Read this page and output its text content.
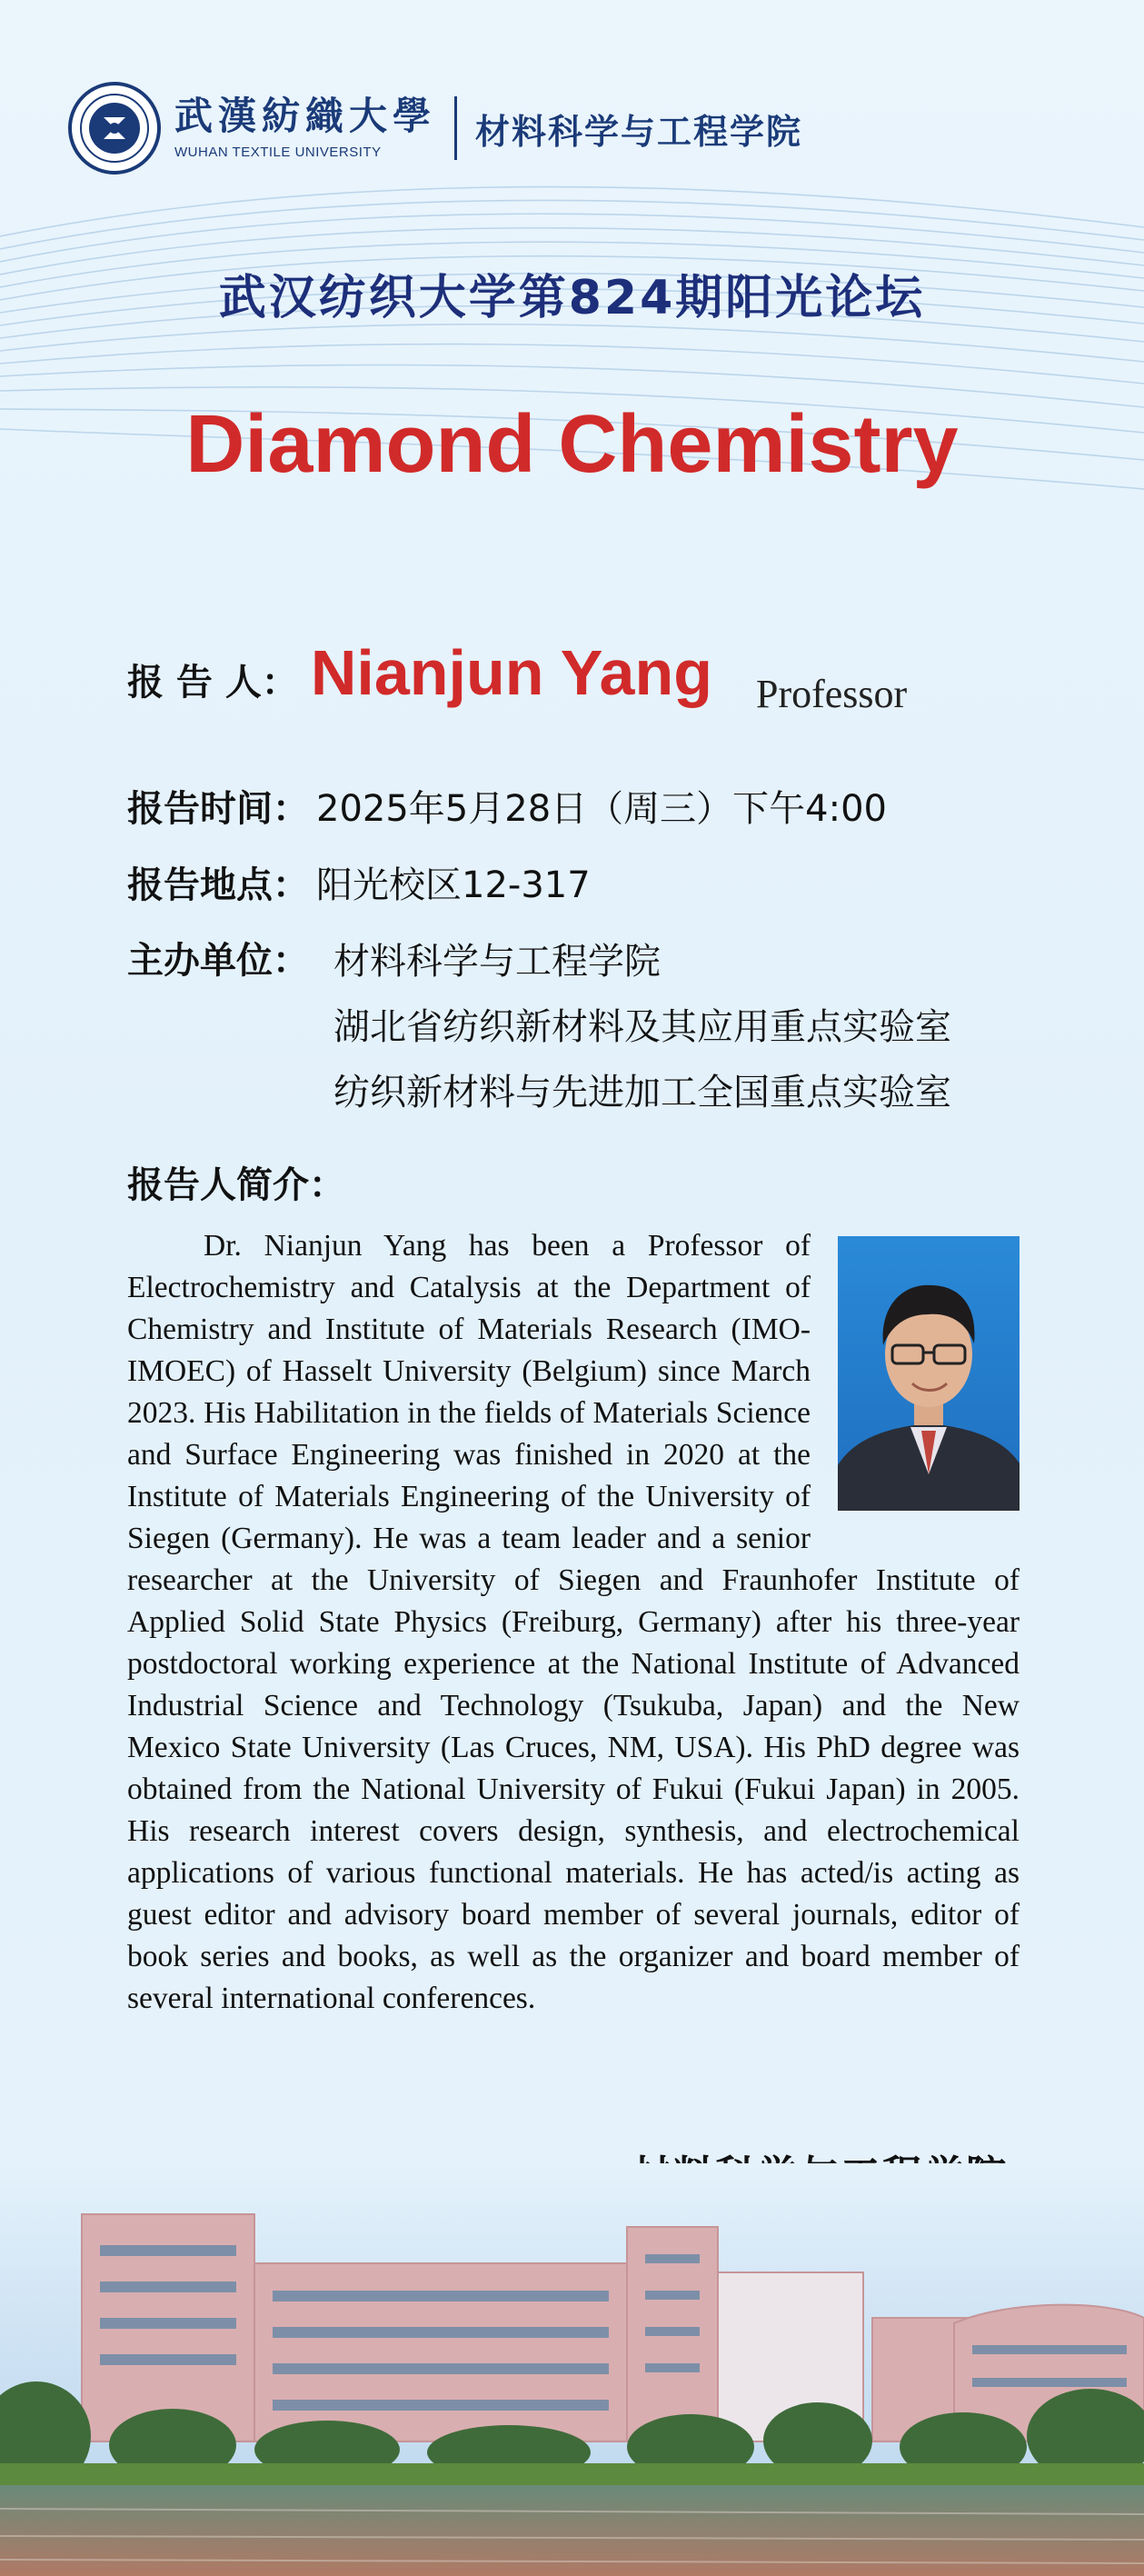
武漢紡織大學
WUHAN TEXTILE UNIVERSITY
材料科学与工程学院
武汉纺织大学第824期阳光论坛
Diamond Chemistry
报 告 人： Nianjun Yang Professor
报告时间： 2025年5月28日（周三）下午4:00
报告地点： 阳光校区12-317
主办单位： 材料科学与工程学院
湖北省纺织新材料及其应用重点实验室
纺织新材料与先进加工全国重点实验室
报告人简介：
Dr. Nianjun Yang has been a Professor of Electrochemistry and Catalysis at the Department of Chemistry and Institute of Materials Research (IMO-IMOEC) of Hasselt University (Belgium) since March 2023. His Habilitation in the fields of Materials Science and Surface Engineering was finished in 2020 at the Institute of Materials Engineering of the University of Siegen (Germany). He was a team leader and a senior researcher at the University of Siegen and Fraunhofer Institute of Applied Solid State Physics (Freiburg, Germany) after his three-year postdoctoral working experience at the National Institute of Advanced Industrial Science and Technology (Tsukuba, Japan) and the New Mexico State University (Las Cruces, NM, USA). His PhD degree was obtained from the National University of Fukui (Fukui Japan) in 2005. His research interest covers design, synthesis, and electrochemical applications of various functional materials. He has acted/is acting as guest editor and advisory board member of several journals, editor of book series and books, as well as the organizer and board member of several international conferences.
